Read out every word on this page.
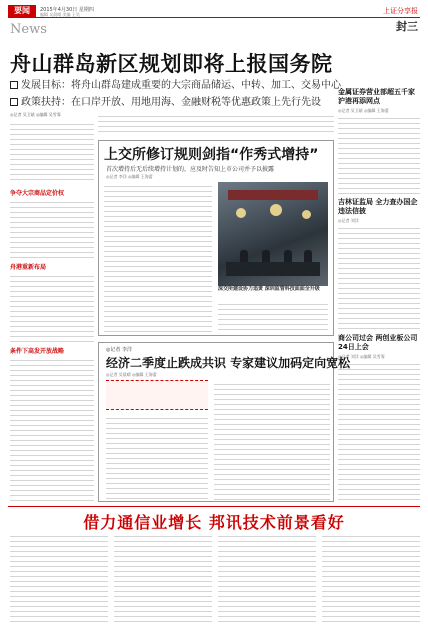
要闻	2015年4月30日 星期四
编辑 吴晨晴 美编 王昊	上证分享报
News	封三
舟山群岛新区规划即将上报国务院
发展目标：将舟山群岛建成重要的大宗商品储运、中转、加工、交易中心
政策扶持：在口岸开放、用地用海、金融财税等优惠政策上先行先设
◎记者 吴卫斌 ◎编辑 吴雪霏
争夺大宗商品定价权
舟港重新布局
条件下高发开放战略
金属证券营业部超五千家 沪港再添网点
◎记者 吴卫斌 ◎编辑 王海蕾
吉林证监局 全力查办国企违法信披
◎记者 刘洋
商公司过会 两创业板公司24日上会
◎记者 刘洋 ◎编辑 吴雪霏
上交所修订规则剑指“作秀式增持”
首次增持后无后续增持计划的，应及时告知上市公司并予以披露
◎记者 李洋 ◎编辑 王海蕾
深交所建设协力追责 深圳监管科技面面全升级
◎记者 李洋
经济二季度止跌成共识 专家建议加码定向宽松
◎记者 吴晨晴 ◎编辑 王海蕾
借力通信业增长 邦讯技术前景看好
